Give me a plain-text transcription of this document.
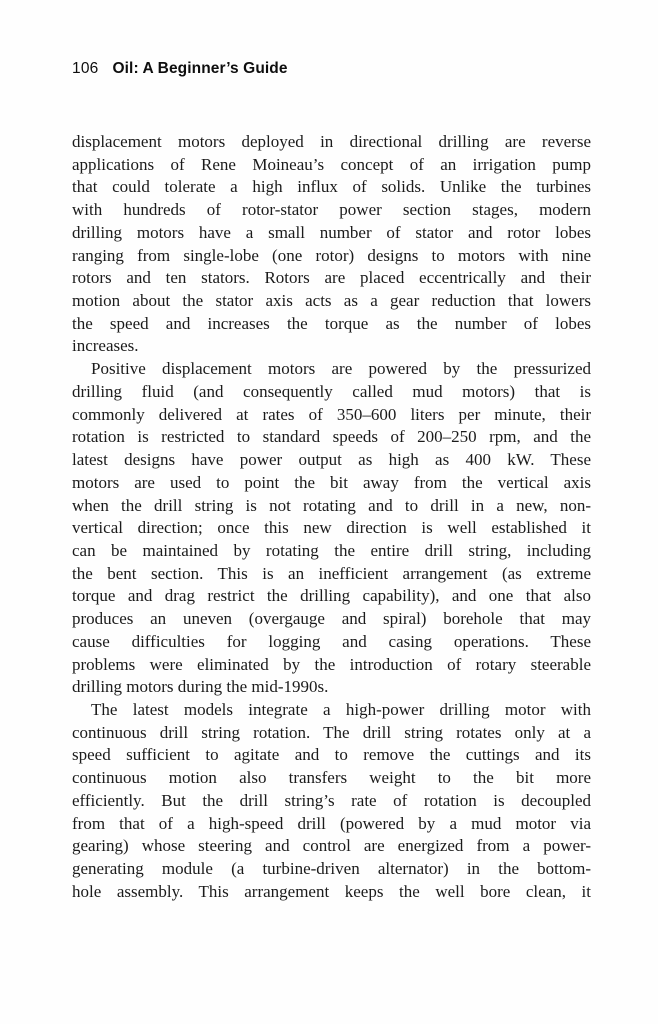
106 Oil: A Beginner’s Guide
displacement motors deployed in directional drilling are reverse
applications of Rene Moineau’s concept of an irrigation pump
that could tolerate a high influx of solids. Unlike the turbines
with hundreds of rotor-stator power section stages, modern
drilling motors have a small number of stator and rotor lobes
ranging from single-lobe (one rotor) designs to motors with nine
rotors and ten stators. Rotors are placed eccentrically and their
motion about the stator axis acts as a gear reduction that lowers
the speed and increases the torque as the number of lobes
increases.
Positive displacement motors are powered by the pressurized
drilling fluid (and consequently called mud motors) that is
commonly delivered at rates of 350–600 liters per minute, their
rotation is restricted to standard speeds of 200–250 rpm, and the
latest designs have power output as high as 400 kW. These
motors are used to point the bit away from the vertical axis
when the drill string is not rotating and to drill in a new, non-
vertical direction; once this new direction is well established it
can be maintained by rotating the entire drill string, including
the bent section. This is an inefficient arrangement (as extreme
torque and drag restrict the drilling capability), and one that also
produces an uneven (overgauge and spiral) borehole that may
cause difficulties for logging and casing operations. These
problems were eliminated by the introduction of rotary steerable
drilling motors during the mid-1990s.
The latest models integrate a high-power drilling motor with
continuous drill string rotation. The drill string rotates only at a
speed sufficient to agitate and to remove the cuttings and its
continuous motion also transfers weight to the bit more
efficiently. But the drill string’s rate of rotation is decoupled
from that of a high-speed drill (powered by a mud motor via
gearing) whose steering and control are energized from a power-
generating module (a turbine-driven alternator) in the bottom-
hole assembly. This arrangement keeps the well bore clean, it
